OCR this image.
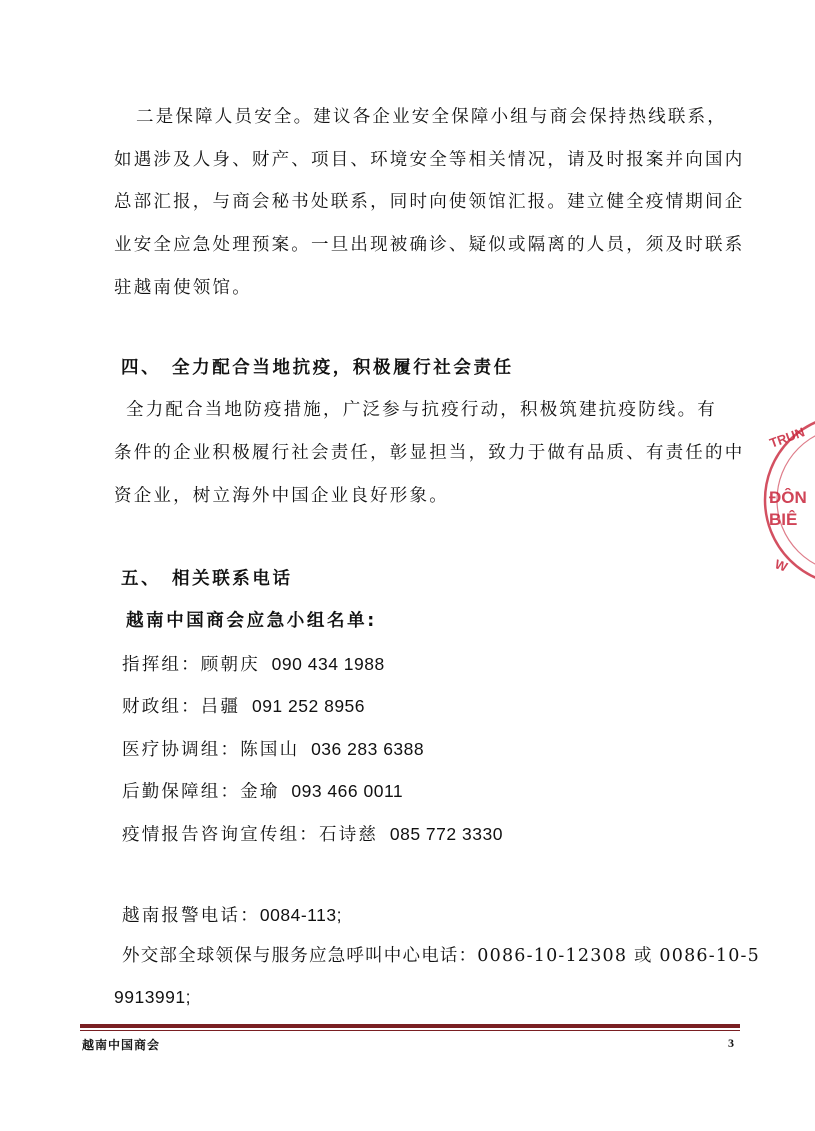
二是保障人员安全。建议各企业安全保障小组与商会保持热线联系，
如遇涉及人身、财产、项目、环境安全等相关情况，请及时报案并向国内
总部汇报，与商会秘书处联系，同时向使领馆汇报。建立健全疫情期间企
业安全应急处理预案。一旦出现被确诊、疑似或隔离的人员，须及时联系
驻越南使领馆。
四、 全力配合当地抗疫，积极履行社会责任
全力配合当地防疫措施，广泛参与抗疫行动，积极筑建抗疫防线。有
条件的企业积极履行社会责任，彰显担当，致力于做有品质、有责任的中
资企业，树立海外中国企业良好形象。
五、 相关联系电话
越南中国商会应急小组名单:
指挥组：顾朝庆 090 434 1988
财政组：吕疆 091 252 8956
医疗协调组：陈国山 036 283 6388
后勤保障组：金瑜 093 466 0011
疫情报告咨询宣传组：石诗慈 085 772 3330
越南报警电话：0084-113;
外交部全球领保与服务应急呼叫中心电话：0086-10-12308 或 0086-10-5
9913991;
越南中国商会	3
TRUN
ĐÔN
BIÊ
W
